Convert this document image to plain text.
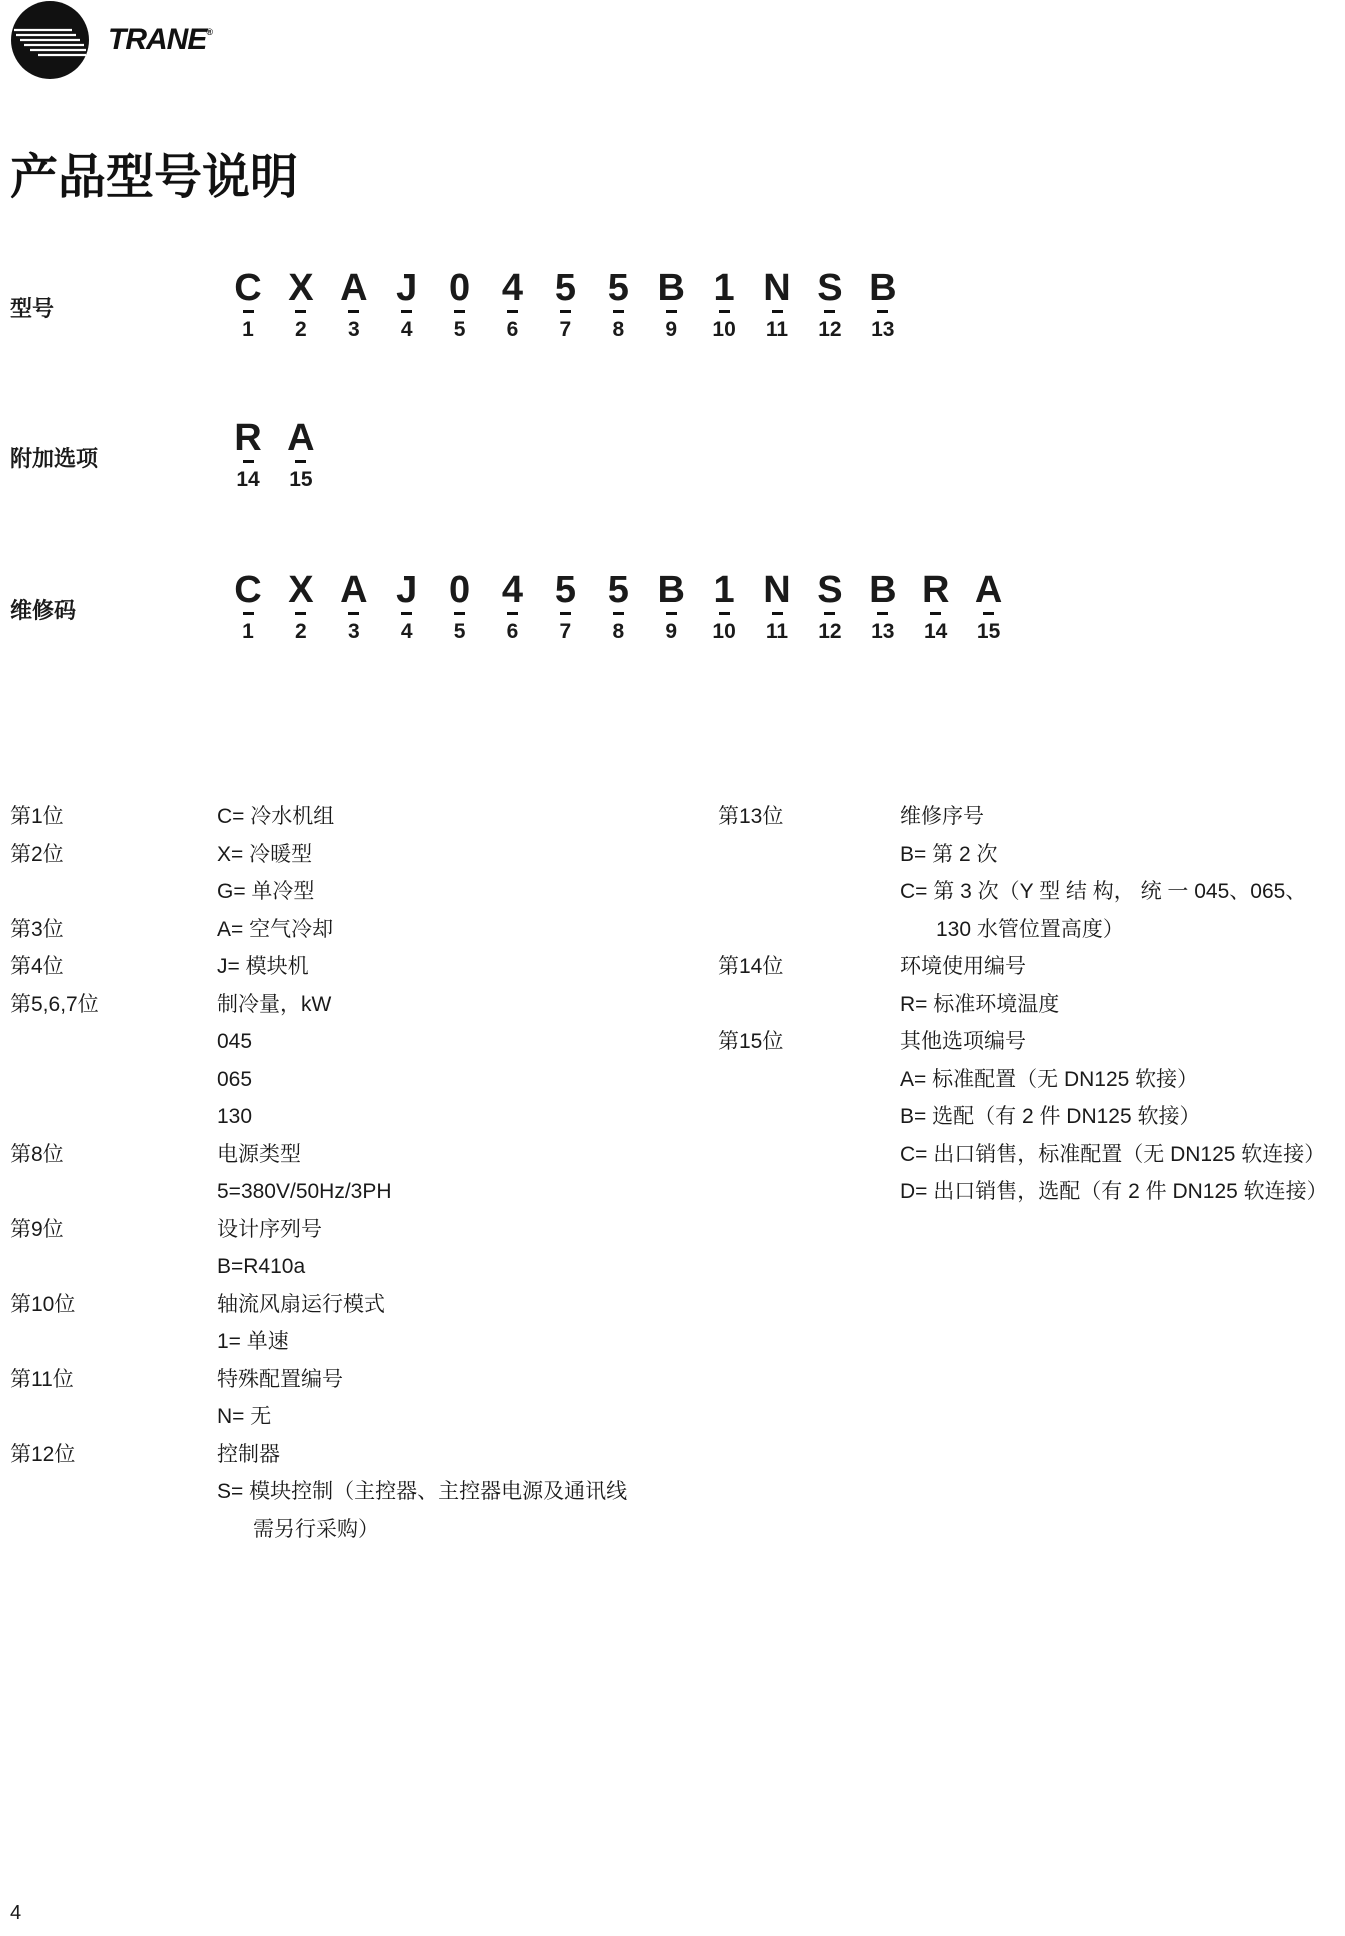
TRANE®
产品型号说明
型号
C
1
X
2
A
3
J
4
0
5
4
6
5
7
5
8
B
9
1
10
N
11
S
12
B
13
附加选项
R
14
A
15
维修码
C
1
X
2
A
3
J
4
0
5
4
6
5
7
5
8
B
9
1
10
N
11
S
12
B
13
R
14
A
15
第1位	C= 冷水机组
第2位	X= 冷暖型
G= 单冷型
第3位	A= 空气冷却
第4位	J= 模块机
第5,6,7位	制冷量，kW
045
065
130
第8位	电源类型
5=380V/50Hz/3PH
第9位	设计序列号
B=R410a
第10位	轴流风扇运行模式
1= 单速
第11位	特殊配置编号
N= 无
第12位	控制器
S= 模块控制（主控器、主控器电源及通讯线
需另行采购）
第13位	维修序号
B= 第 2 次
C= 第 3 次（Y 型 结 构， 统 一 045、065、
130 水管位置高度）
第14位	环境使用编号
R= 标准环境温度
第15位	其他选项编号
A= 标准配置（无 DN125 软接）
B= 选配（有 2 件 DN125 软接）
C= 出口销售，标准配置（无 DN125 软连接）
D= 出口销售，选配（有 2 件 DN125 软连接）
4
